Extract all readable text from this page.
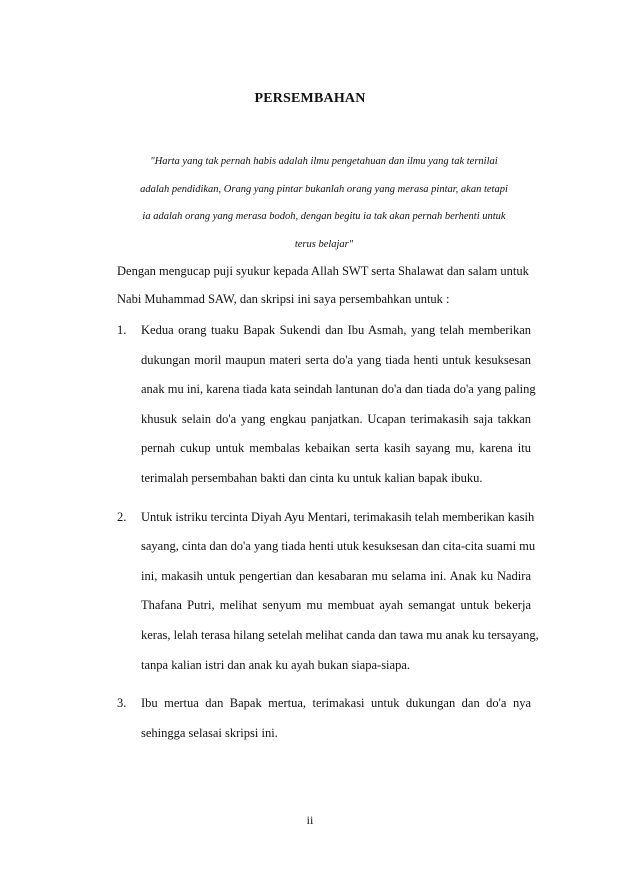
PERSEMBAHAN
"Harta yang tak pernah habis adalah ilmu pengetahuan dan ilmu yang tak ternilai
adalah pendidikan, Orang yang pintar bukanlah orang yang merasa pintar, akan tetapi
ia adalah orang yang merasa bodoh, dengan begitu ia tak akan pernah berhenti untuk
terus belajar"
Dengan mengucap puji syukur kepada Allah SWT serta Shalawat dan salam untuk
Nabi Muhammad SAW, dan skripsi ini saya persembahkan untuk :
1. Kedua orang tuaku Bapak Sukendi dan Ibu Asmah, yang telah memberikan
dukungan moril maupun materi serta do'a yang tiada henti untuk kesuksesan
anak mu ini, karena tiada kata seindah lantunan do'a dan tiada do'a yang paling
khusuk selain do'a yang engkau panjatkan. Ucapan terimakasih saja takkan
pernah cukup untuk membalas kebaikan serta kasih sayang mu, karena itu
terimalah persembahan bakti dan cinta ku untuk kalian bapak ibuku.
2. Untuk istriku tercinta Diyah Ayu Mentari, terimakasih telah memberikan kasih
sayang, cinta dan do'a yang tiada henti utuk kesuksesan dan cita-cita suami mu
ini, makasih untuk pengertian dan kesabaran mu selama ini. Anak ku Nadira
Thafana Putri, melihat senyum mu membuat ayah semangat untuk bekerja
keras, lelah terasa hilang setelah melihat canda dan tawa mu anak ku tersayang,
tanpa kalian istri dan anak ku ayah bukan siapa-siapa.
3. Ibu mertua dan Bapak mertua, terimakasi untuk dukungan dan do'a nya
sehingga selasai skripsi ini.
ii
